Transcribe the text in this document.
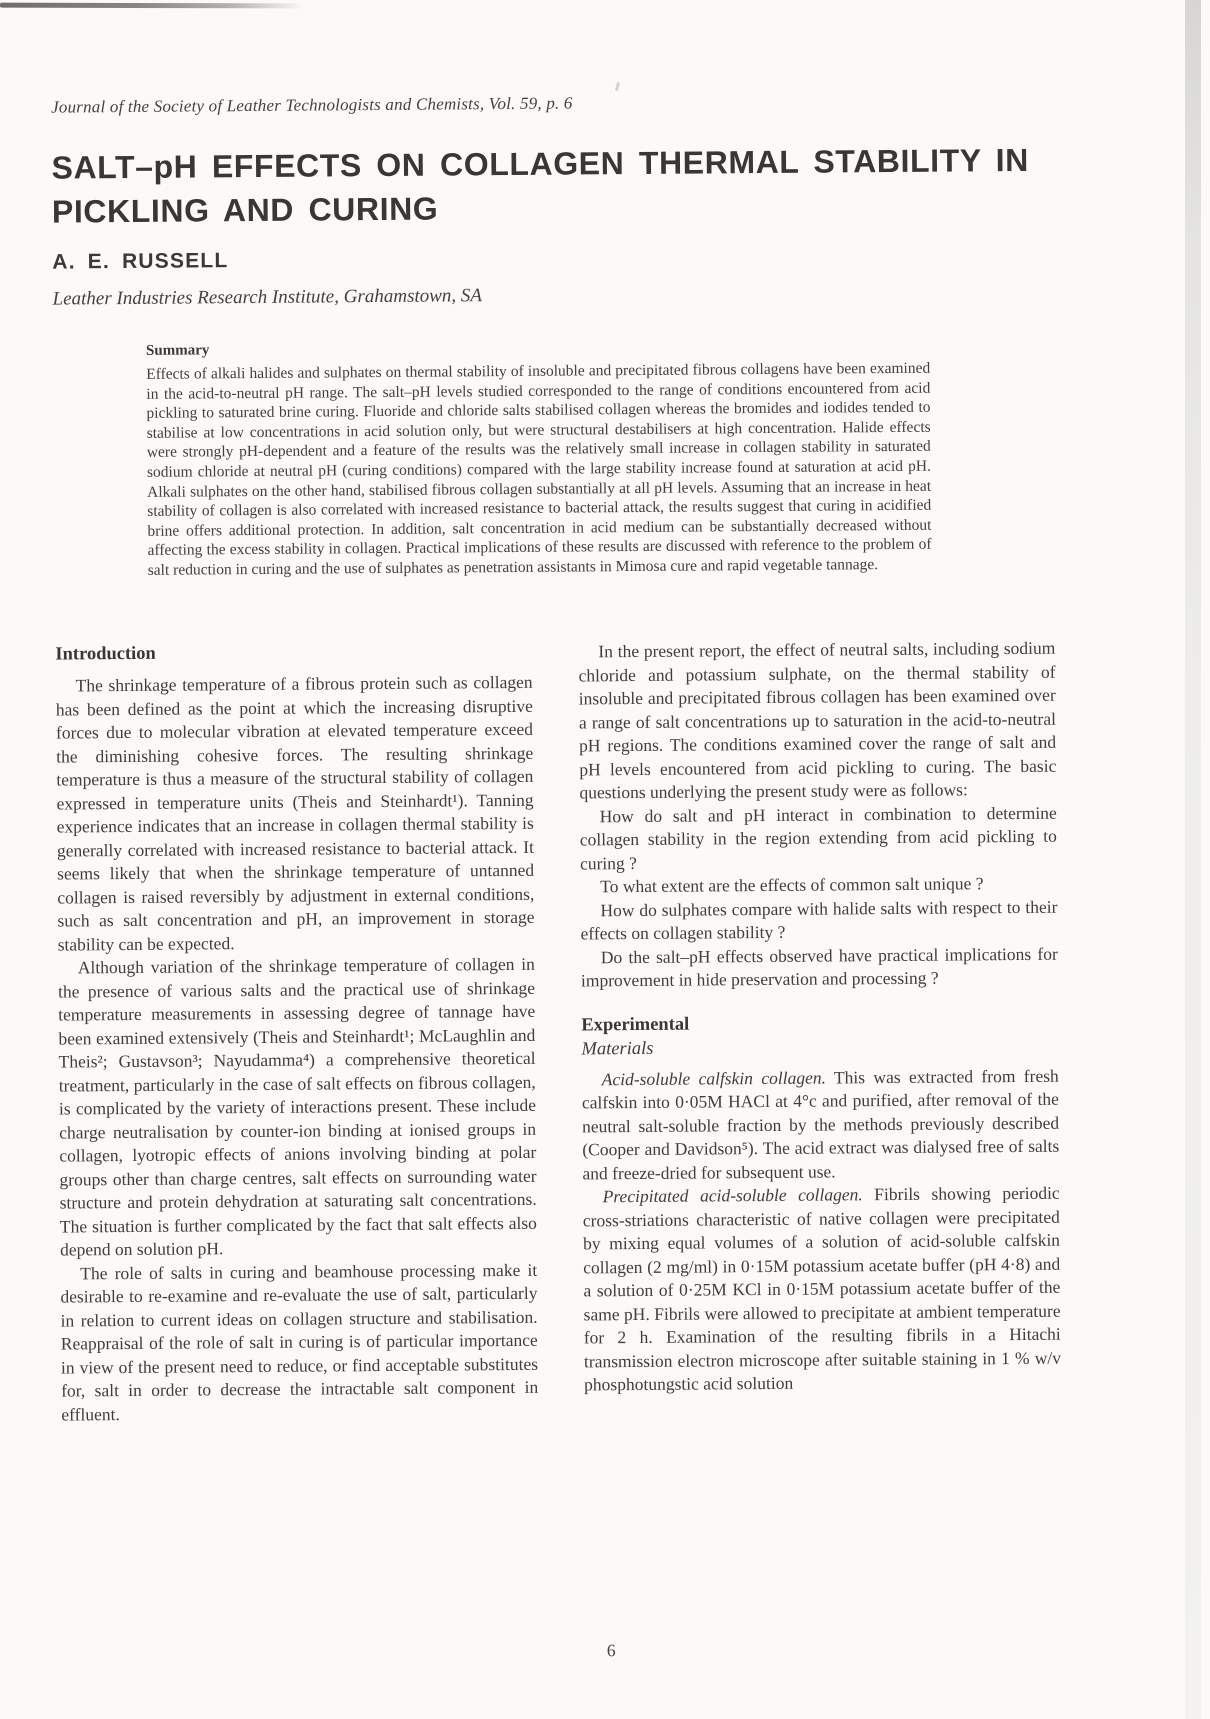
Journal of the Society of Leather Technologists and Chemists, Vol. 59, p. 6
SALT–pH EFFECTS ON COLLAGEN THERMAL STABILITY IN
PICKLING AND CURING
A. E. RUSSELL
Leather Industries Research Institute, Grahamstown, SA
Summary

Effects of alkali halides and sulphates on thermal stability of insoluble and precipitated fibrous collagens have been examined in the acid-to-neutral pH range. The salt–pH levels studied corresponded to the range of conditions encountered from acid pickling to saturated brine curing. Fluoride and chloride salts stabilised collagen whereas the bromides and iodides tended to stabilise at low concentrations in acid solution only, but were structural destabilisers at high concentration. Halide effects were strongly pH-dependent and a feature of the results was the relatively small increase in collagen stability in saturated sodium chloride at neutral pH (curing conditions) compared with the large stability increase found at saturation at acid pH. Alkali sulphates on the other hand, stabilised fibrous collagen substantially at all pH levels. Assuming that an increase in heat stability of collagen is also correlated with increased resistance to bacterial attack, the results suggest that curing in acidified brine offers additional protection. In addition, salt concentration in acid medium can be substantially decreased without affecting the excess stability in collagen. Practical implications of these results are discussed with reference to the problem of salt reduction in curing and the use of sulphates as penetration assistants in Mimosa cure and rapid vegetable tannage.

Introduction

The shrinkage temperature of a fibrous protein such as collagen has been defined as the point at which the increasing disruptive forces due to molecular vibration at elevated temperature exceed the diminishing cohesive forces. The resulting shrinkage temperature is thus a measure of the structural stability of collagen expressed in temperature units (Theis and Steinhardt¹). Tanning experience indicates that an increase in collagen thermal stability is generally correlated with increased resistance to bacterial attack. It seems likely that when the shrinkage temperature of untanned collagen is raised reversibly by adjustment in external conditions, such as salt concentration and pH, an improvement in storage stability can be expected.

Although variation of the shrinkage temperature of collagen in the presence of various salts and the practical use of shrinkage temperature measurements in assessing degree of tannage have been examined extensively (Theis and Steinhardt¹; McLaughlin and Theis²; Gustavson³; Nayudamma⁴) a comprehensive theoretical treatment, particularly in the case of salt effects on fibrous collagen, is complicated by the variety of interactions present. These include charge neutralisation by counter-ion binding at ionised groups in collagen, lyotropic effects of anions involving binding at polar groups other than charge centres, salt effects on surrounding water structure and protein dehydration at saturating salt concentrations. The situation is further complicated by the fact that salt effects also depend on solution pH.

The role of salts in curing and beamhouse processing make it desirable to re-examine and re-evaluate the use of salt, particularly in relation to current ideas on collagen structure and stabilisation. Reappraisal of the role of salt in curing is of particular importance in view of the present need to reduce, or find acceptable substitutes for, salt in order to decrease the intractable salt component in effluent.

In the present report, the effect of neutral salts, including sodium chloride and potassium sulphate, on the thermal stability of insoluble and precipitated fibrous collagen has been examined over a range of salt concentrations up to saturation in the acid-to-neutral pH regions. The conditions examined cover the range of salt and pH levels encountered from acid pickling to curing. The basic questions underlying the present study were as follows:

How do salt and pH interact in combination to determine collagen stability in the region extending from acid pickling to curing ?

To what extent are the effects of common salt unique ?

How do sulphates compare with halide salts with respect to their effects on collagen stability ?

Do the salt–pH effects observed have practical implications for improvement in hide preservation and processing ?

Experimental
Materials

Acid-soluble calfskin collagen. This was extracted from fresh calfskin into 0·05M HACl at 4°c and purified, after removal of the neutral salt-soluble fraction by the methods previously described (Cooper and Davidson⁵). The acid extract was dialysed free of salts and freeze-dried for subsequent use.

Precipitated acid-soluble collagen. Fibrils showing periodic cross-striations characteristic of native collagen were precipitated by mixing equal volumes of a solution of acid-soluble calfskin collagen (2 mg/ml) in 0·15M potassium acetate buffer (pH 4·8) and a solution of 0·25M KCl in 0·15M potassium acetate buffer of the same pH. Fibrils were allowed to precipitate at ambient temperature for 2 h. Examination of the resulting fibrils in a Hitachi transmission electron microscope after suitable staining in 1 % w/v phosphotungstic acid solution

6
